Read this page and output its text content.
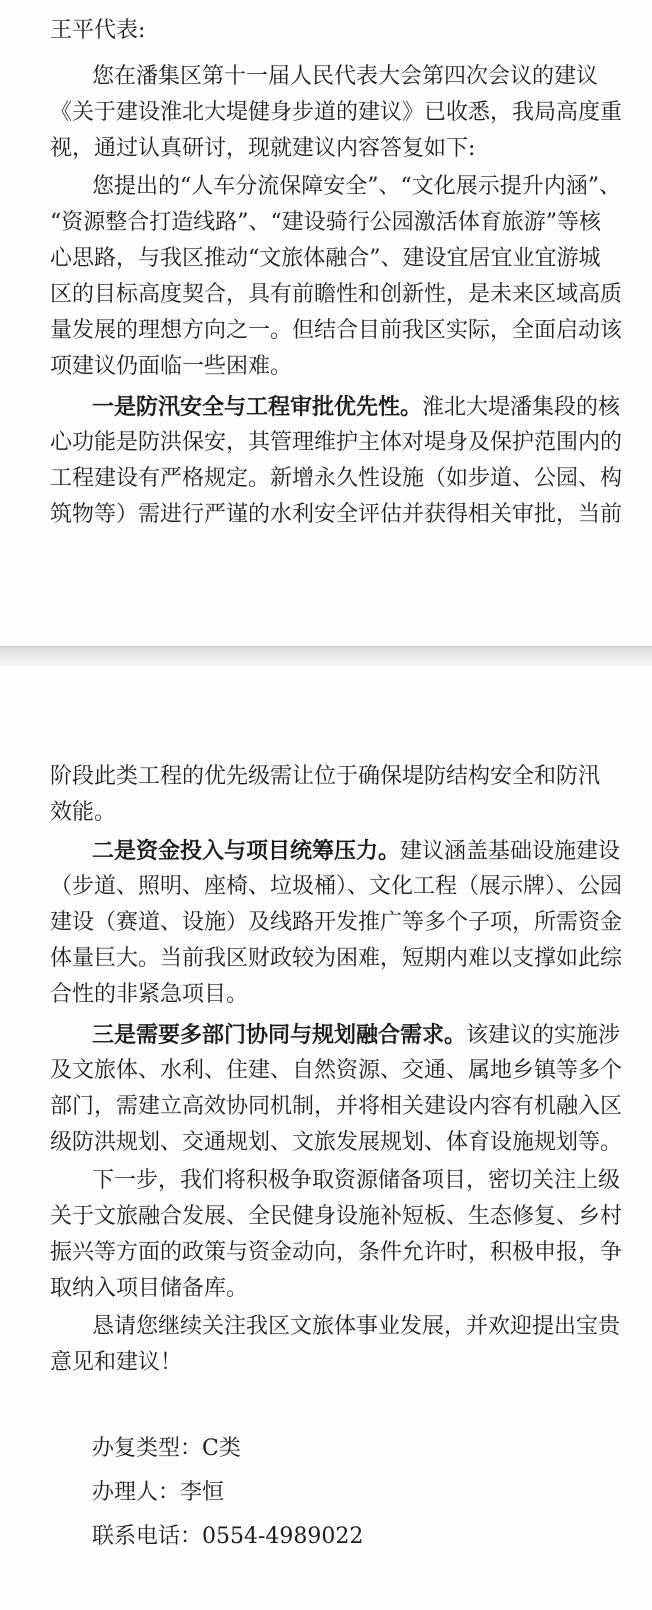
王平代表:
您在潘集区第十一届人民代表大会第四次会议的建议
《关于建设淮北大堤健身步道的建议》已收悉，我局高度重
视，通过认真研讨，现就建议内容答复如下:
您提出的“人车分流保障安全”、“文化展示提升内涵”、
“资源整合打造线路”、“建设骑行公园激活体育旅游”等核
心思路，与我区推动“文旅体融合”、建设宜居宜业宜游城
区的目标高度契合，具有前瞻性和创新性，是未来区域高质
量发展的理想方向之一。但结合目前我区实际，全面启动该
项建议仍面临一些困难。
一是防汛安全与工程审批优先性。淮北大堤潘集段的核
心功能是防洪保安，其管理维护主体对堤身及保护范围内的
工程建设有严格规定。新增永久性设施（如步道、公园、构
筑物等）需进行严谨的水利安全评估并获得相关审批，当前
阶段此类工程的优先级需让位于确保堤防结构安全和防汛
效能。
二是资金投入与项目统筹压力。建议涵盖基础设施建设
（步道、照明、座椅、垃圾桶）、文化工程（展示牌）、公园
建设（赛道、设施）及线路开发推广等多个子项，所需资金
体量巨大。当前我区财政较为困难，短期内难以支撑如此综
合性的非紧急项目。
三是需要多部门协同与规划融合需求。该建议的实施涉
及文旅体、水利、住建、自然资源、交通、属地乡镇等多个
部门，需建立高效协同机制，并将相关建设内容有机融入区
级防洪规划、交通规划、文旅发展规划、体育设施规划等。
下一步，我们将积极争取资源储备项目，密切关注上级
关于文旅融合发展、全民健身设施补短板、生态修复、乡村
振兴等方面的政策与资金动向，条件允许时，积极申报，争
取纳入项目储备库。
恳请您继续关注我区文旅体事业发展，并欢迎提出宝贵
意见和建议！
办复类型：C类
办理人：李恒
联系电话：0554-4989022
